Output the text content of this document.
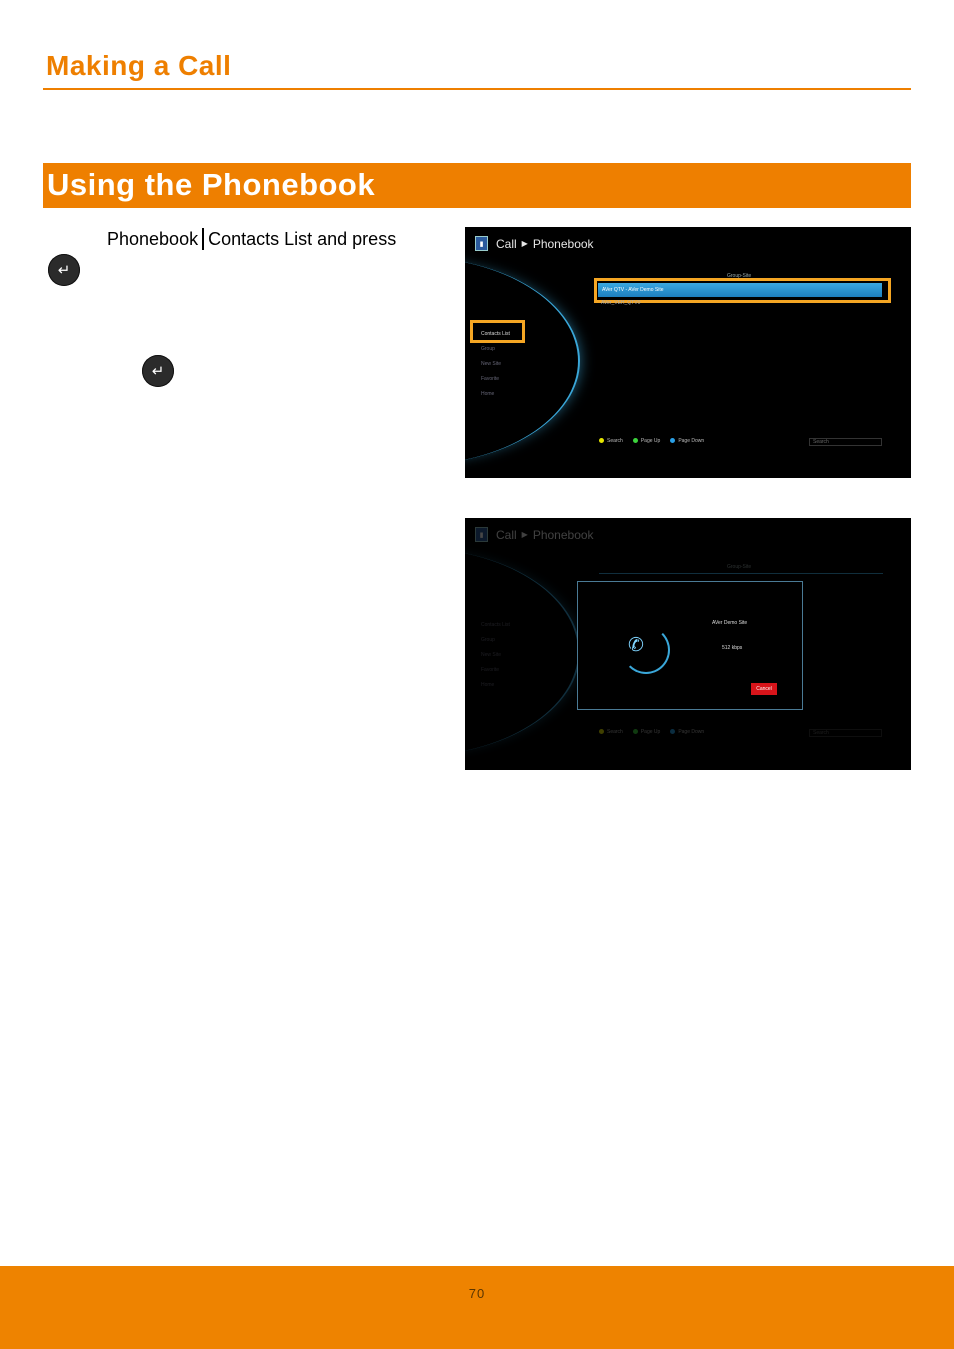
Making a Call
Using the Phonebook
Phonebook Contacts List and press
↵
↵
▮	Call ▶ Phonebook
Contacts List
Group
New Site
Favorite
Home
Group-Site
AVer QTV - AVer Demo Site
AVer_VEH_QTV0
Search	Page Up	Page Down	Search
▮	Call ▶ Phonebook
Contacts List
Group
New Site
Favorite
Home
Group-Site
Search	Page Up	Page Down	Search
✆
AVer Demo Site
512 kbps
Cancel
70
